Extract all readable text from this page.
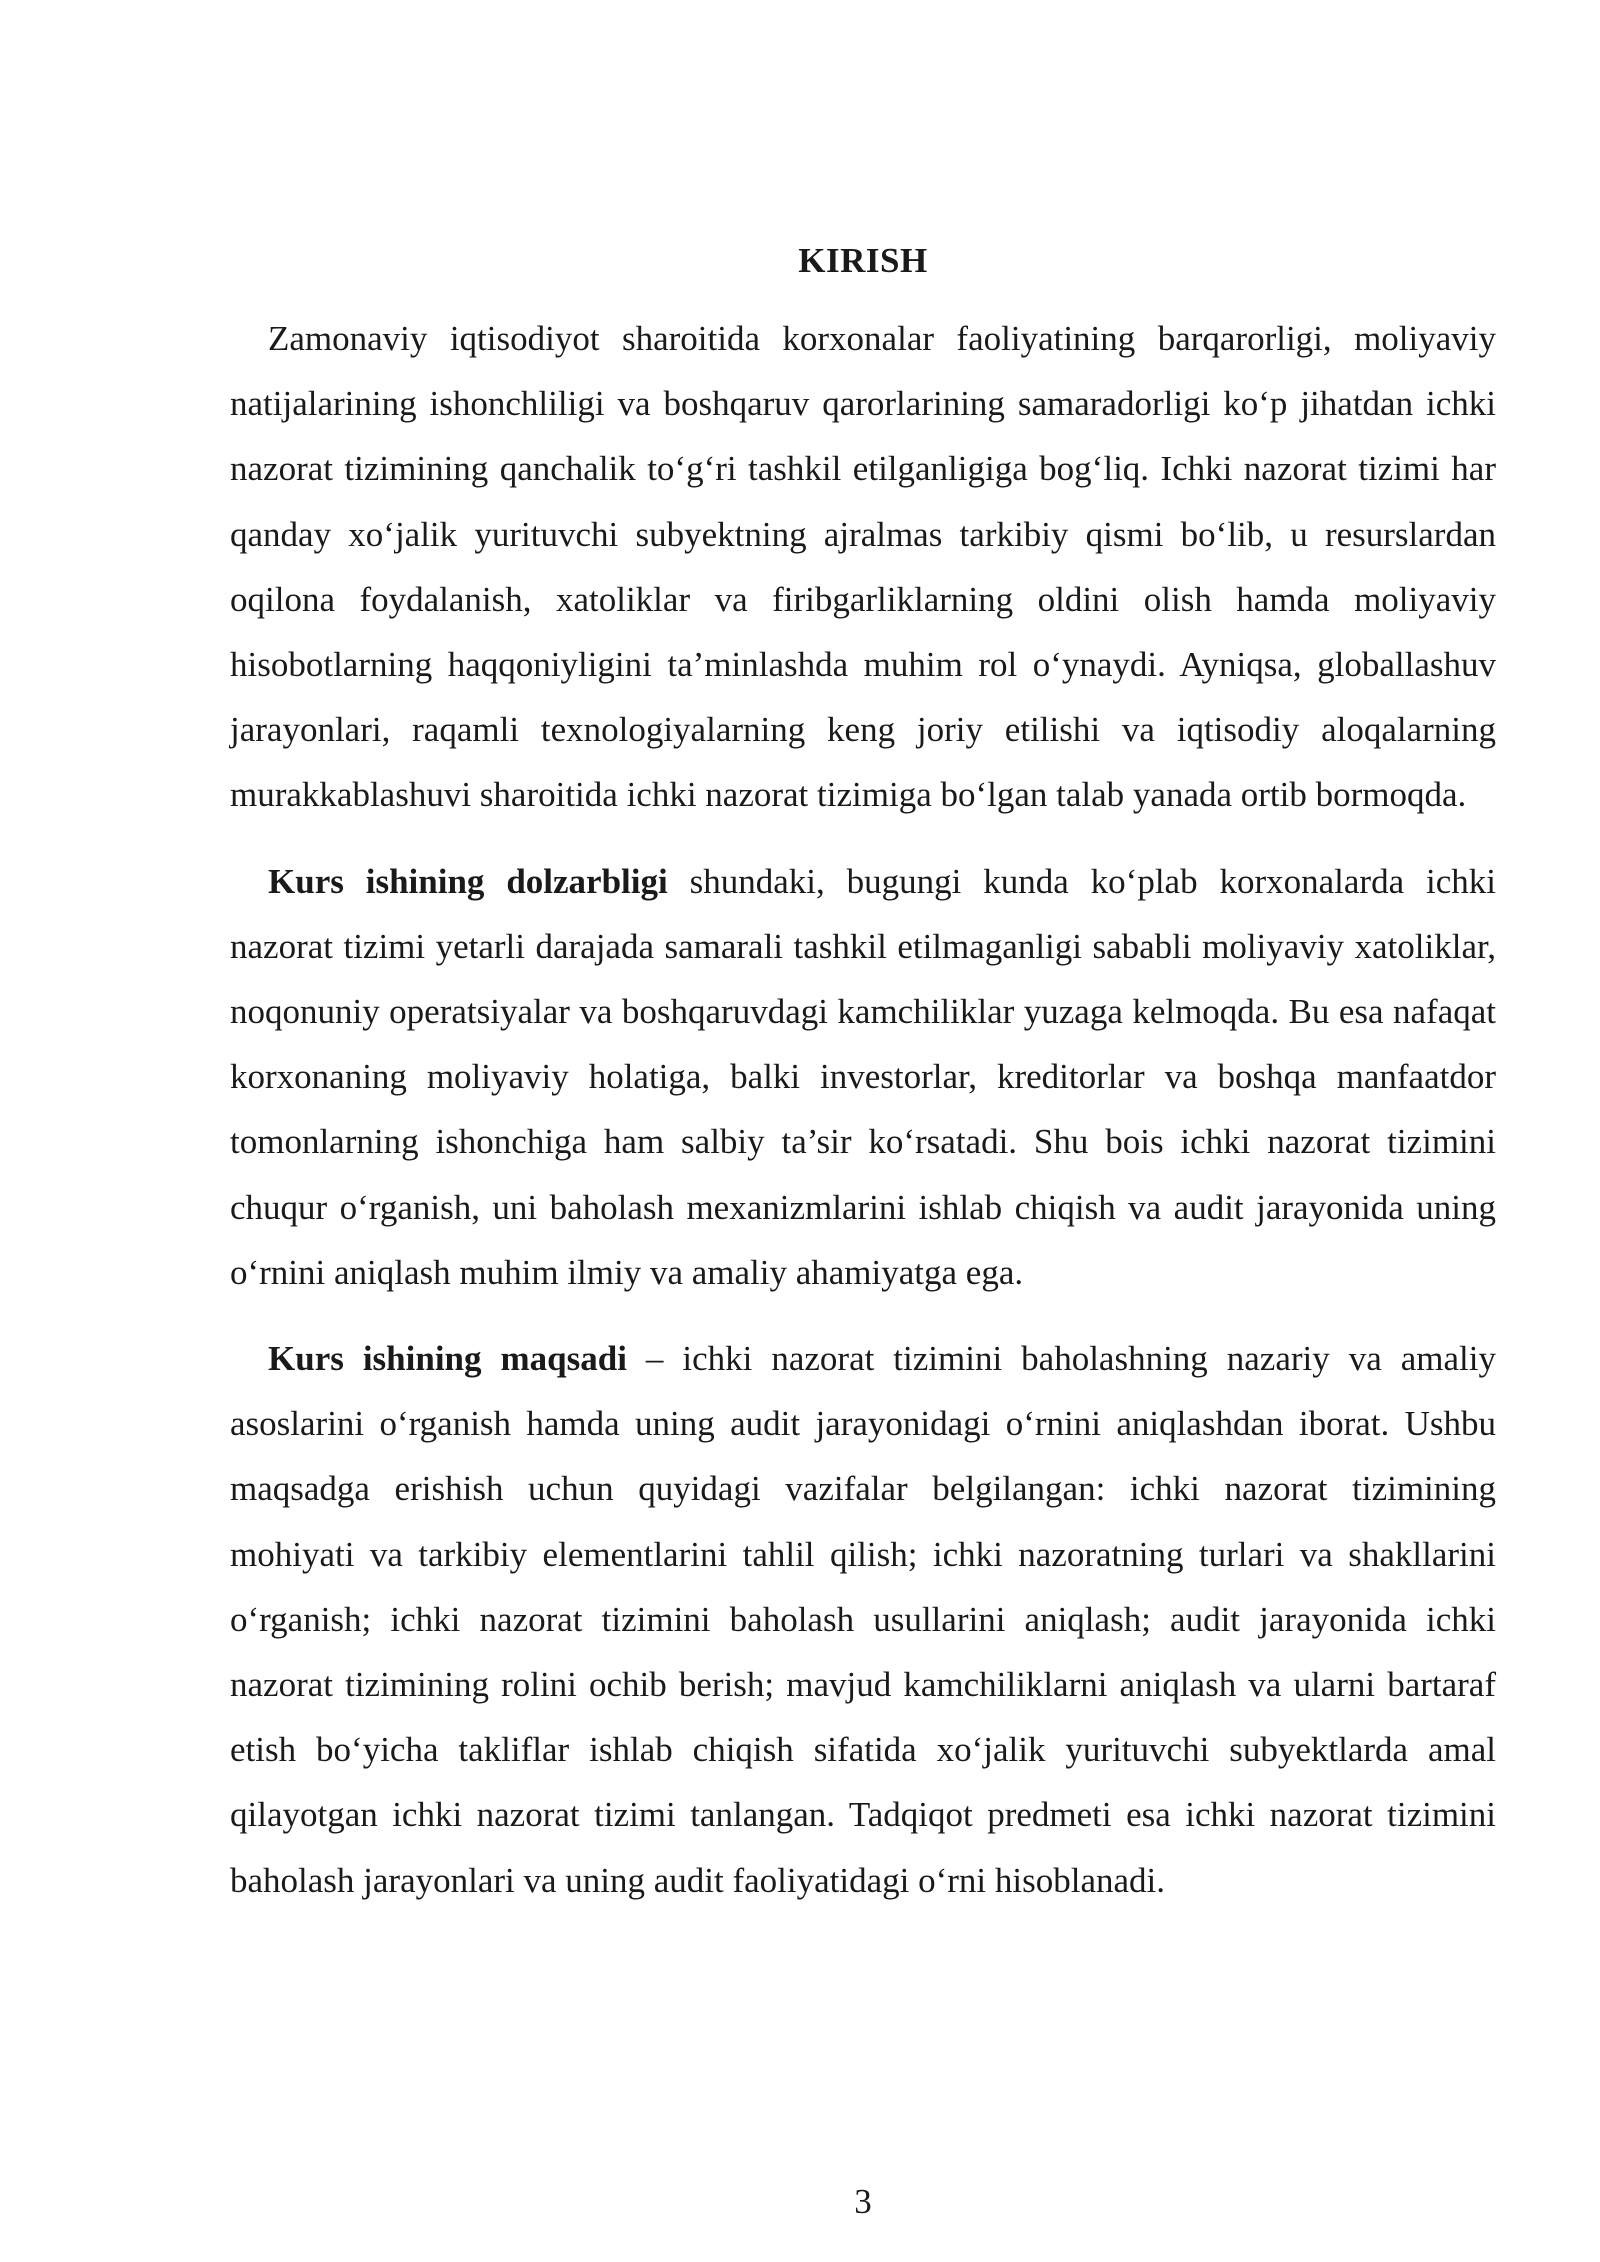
KIRISH

Zamonaviy iqtisodiyot sharoitida korxonalar faoliyatining barqarorligi, moliyaviy natijalarining ishonchliligi va boshqaruv qarorlarining samaradorligi ko‘p jihatdan ichki nazorat tizimining qanchalik to‘g‘ri tashkil etilganligiga bog‘liq. Ichki nazorat tizimi har qanday xo‘jalik yurituvchi subyektning ajralmas tarkibiy qismi bo‘lib, u resurslardan oqilona foydalanish, xatoliklar va firibgarliklarning oldini olish hamda moliyaviy hisobotlarning haqqoniyligini ta’minlashda muhim rol o‘ynaydi. Ayniqsa, globallashuv jarayonlari, raqamli texnologiyalarning keng joriy etilishi va iqtisodiy aloqalarning murakkablashuvi sharoitida ichki nazorat tizimiga bo‘lgan talab yanada ortib bormoqda.

Kurs ishining dolzarbligi shundaki, bugungi kunda ko‘plab korxonalarda ichki nazorat tizimi yetarli darajada samarali tashkil etilmaganligi sababli moliyaviy xatoliklar, noqonuniy operatsiyalar va boshqaruvdagi kamchiliklar yuzaga kelmoqda. Bu esa nafaqat korxonaning moliyaviy holatiga, balki investorlar, kreditorlar va boshqa manfaatdor tomonlarning ishonchiga ham salbiy ta’sir ko‘rsatadi. Shu bois ichki nazorat tizimini chuqur o‘rganish, uni baholash mexanizmlarini ishlab chiqish va audit jarayonida uning o‘rnini aniqlash muhim ilmiy va amaliy ahamiyatga ega.

Kurs ishining maqsadi – ichki nazorat tizimini baholashning nazariy va amaliy asoslarini o‘rganish hamda uning audit jarayonidagi o‘rnini aniqlashdan iborat. Ushbu maqsadga erishish uchun quyidagi vazifalar belgilangan: ichki nazorat tizimining mohiyati va tarkibiy elementlarini tahlil qilish; ichki nazoratning turlari va shakllarini o‘rganish; ichki nazorat tizimini baholash usullarini aniqlash; audit jarayonida ichki nazorat tizimining rolini ochib berish; mavjud kamchiliklarni aniqlash va ularni bartaraf etish bo‘yicha takliflar ishlab chiqish sifatida xo‘jalik yurituvchi subyektlarda amal qilayotgan ichki nazorat tizimi tanlangan. Tadqiqot predmeti esa ichki nazorat tizimini baholash jarayonlari va uning audit faoliyatidagi o‘rni hisoblanadi.

3
